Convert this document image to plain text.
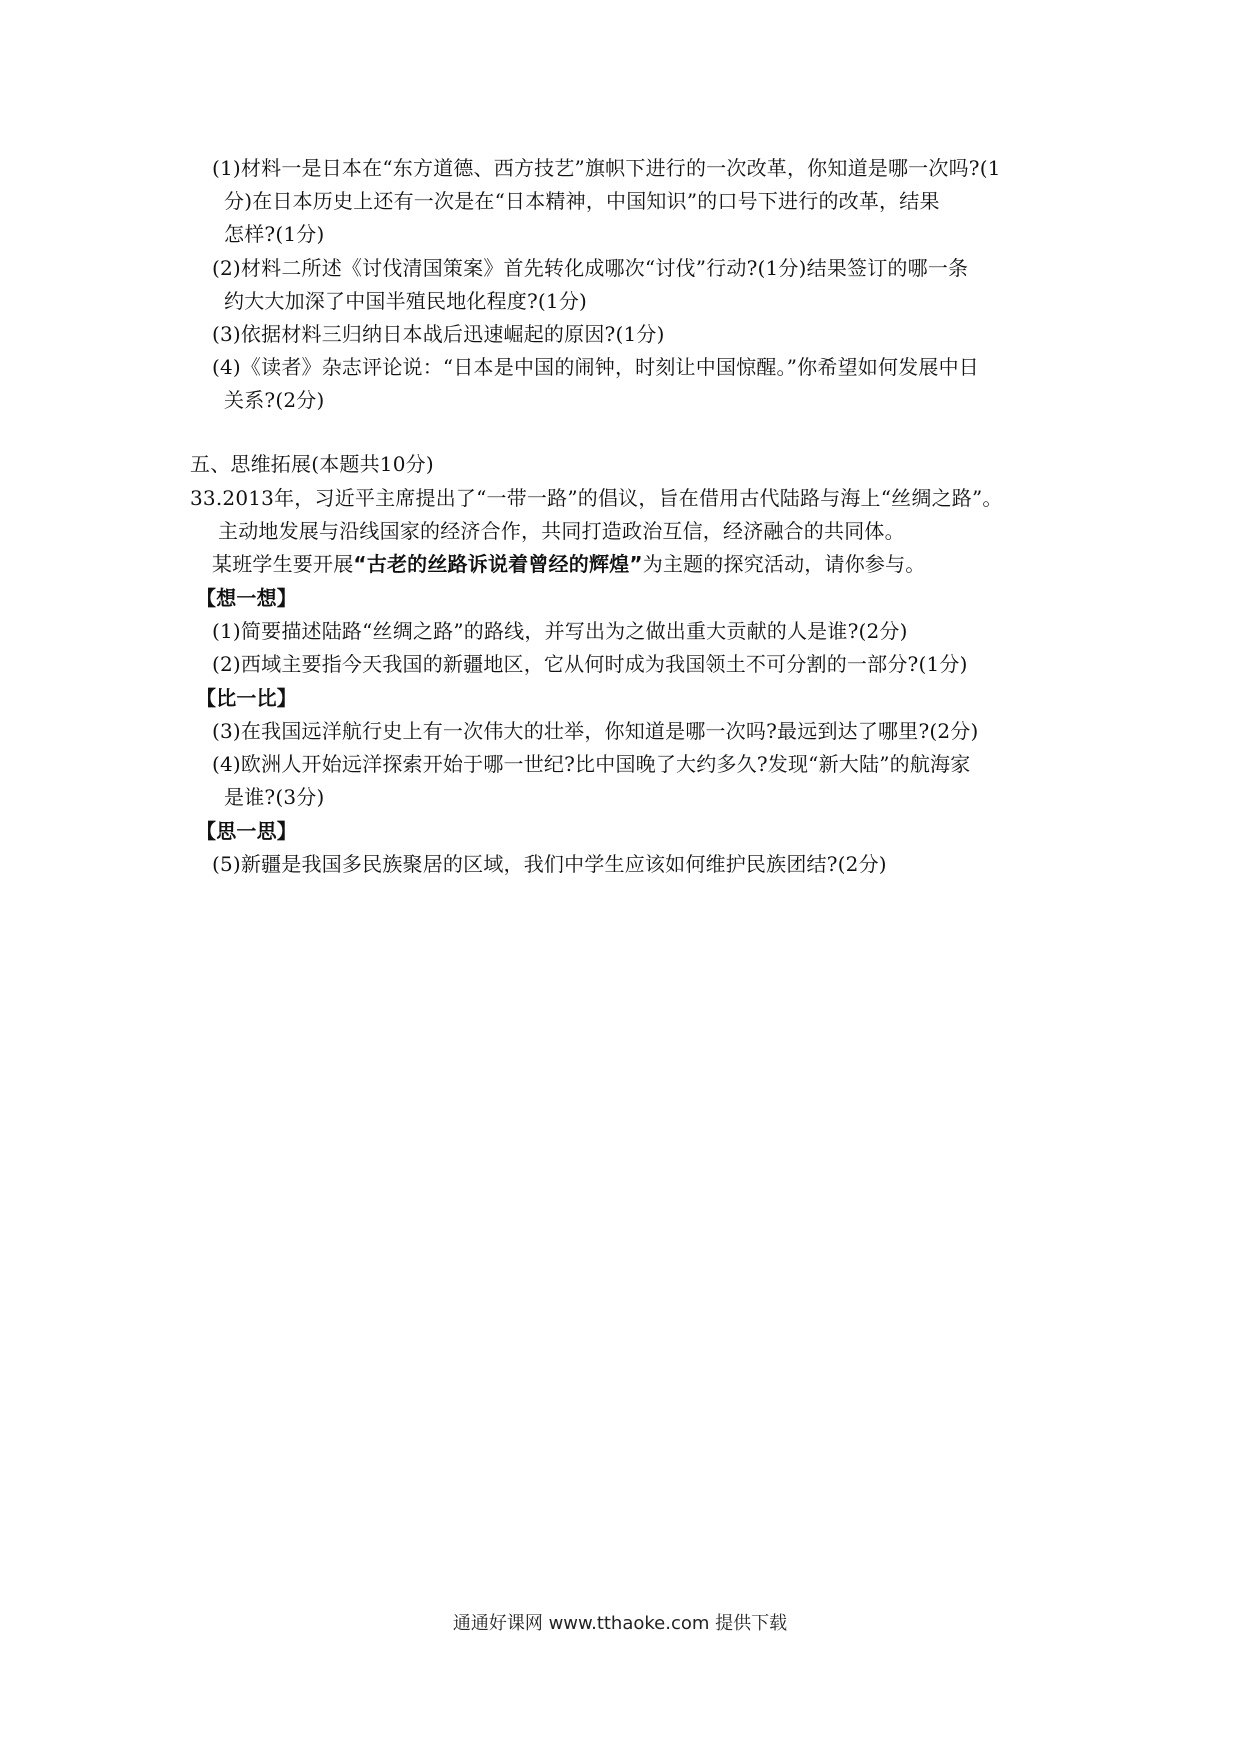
(1)材料一是日本在“东方道德、西方技艺”旗帜下进行的一次改革，你知道是哪一次吗?(1
分)在日本历史上还有一次是在“日本精神，中国知识”的口号下进行的改革，结果
怎样?(1分)
(2)材料二所述《讨伐清国策案》首先转化成哪次“讨伐”行动?(1分)结果签订的哪一条
约大大加深了中国半殖民地化程度?(1分)
(3)依据材料三归纳日本战后迅速崛起的原因?(1分)
(4)《读者》杂志评论说：“日本是中国的闹钟，时刻让中国惊醒。”你希望如何发展中日
关系?(2分)
五、思维拓展(本题共10分)
33.2013年，习近平主席提出了“一带一路”的倡议，旨在借用古代陆路与海上“丝绸之路”。
主动地发展与沿线国家的经济合作，共同打造政治互信，经济融合的共同体。
某班学生要开展“古老的丝路诉说着曾经的辉煌”为主题的探究活动，请你参与。
【想一想】
(1)简要描述陆路“丝绸之路”的路线，并写出为之做出重大贡献的人是谁?(2分)
(2)西域主要指今天我国的新疆地区，它从何时成为我国领土不可分割的一部分?(1分)
【比一比】
(3)在我国远洋航行史上有一次伟大的壮举，你知道是哪一次吗?最远到达了哪里?(2分)
(4)欧洲人开始远洋探索开始于哪一世纪?比中国晚了大约多久?发现“新大陆”的航海家
是谁?(3分)
【思一思】
(5)新疆是我国多民族聚居的区域，我们中学生应该如何维护民族团结?(2分)
通通好课网 www.tthaoke.com 提供下载
